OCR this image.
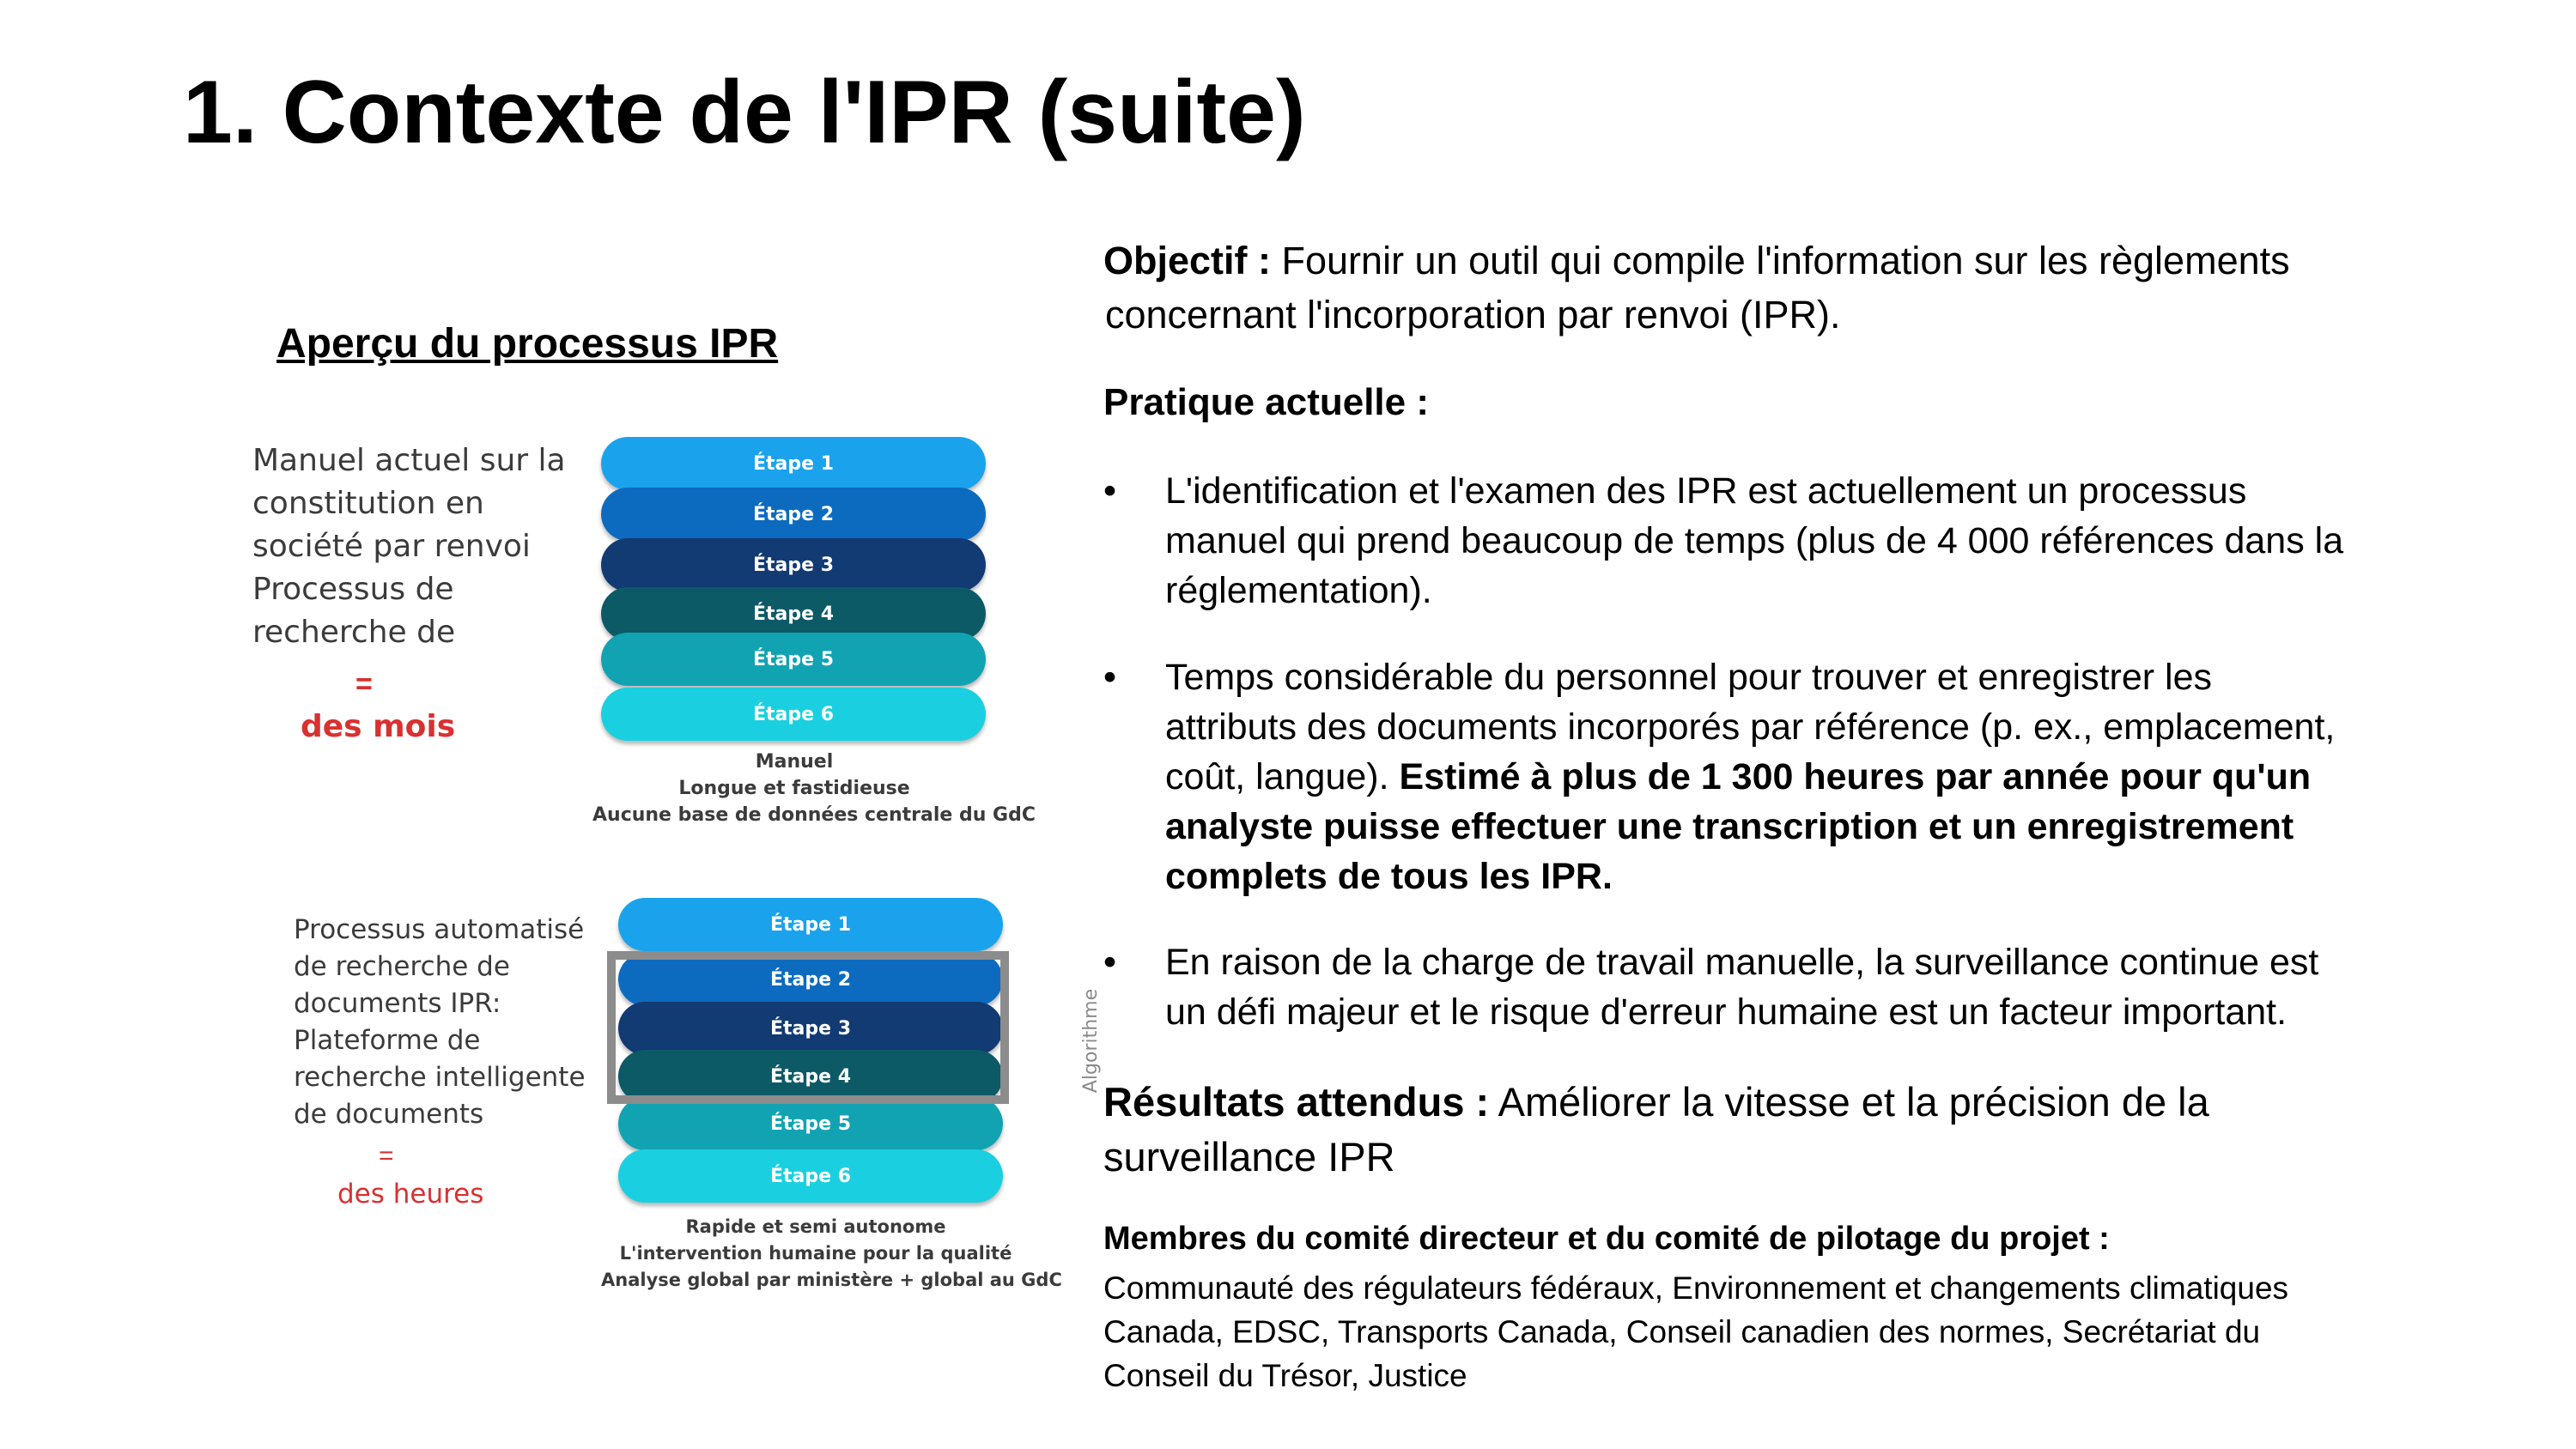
1. Contexte de l'IPR (suite)
Aperçu du processus IPR
Manuel actuel sur la
constitution en
société par renvoi
Processus de
recherche de
=
des mois
Étape 1
Étape 2
Étape 3
Étape 4
Étape 5
Étape 6
Manuel
Longue et fastidieuse
Aucune base de données centrale du GdC
Processus automatisé
de recherche de
documents IPR:
Plateforme de
recherche intelligente
de documents
=
des heures
Étape 1
Étape 2
Étape 3
Étape 4
Étape 5
Étape 6
Algorithme
Rapide et semi autonome
L'intervention humaine pour la qualité
Analyse global par ministère + global au GdC
Objectif : Fournir un outil qui compile l'information sur les règlements
concernant l'incorporation par renvoi (IPR).
Pratique actuelle :
• L'identification et l'examen des IPR est actuellement un processus
manuel qui prend beaucoup de temps (plus de 4 000 références dans la
réglementation).
• Temps considérable du personnel pour trouver et enregistrer les
attributs des documents incorporés par référence (p. ex., emplacement,
coût, langue). Estimé à plus de 1 300 heures par année pour qu'un
analyste puisse effectuer une transcription et un enregistrement
complets de tous les IPR.
• En raison de la charge de travail manuelle, la surveillance continue est
un défi majeur et le risque d'erreur humaine est un facteur important.
Résultats attendus : Améliorer la vitesse et la précision de la
surveillance IPR
Membres du comité directeur et du comité de pilotage du projet :
Communauté des régulateurs fédéraux, Environnement et changements climatiques
Canada, EDSC, Transports Canada, Conseil canadien des normes, Secrétariat du
Conseil du Trésor, Justice
